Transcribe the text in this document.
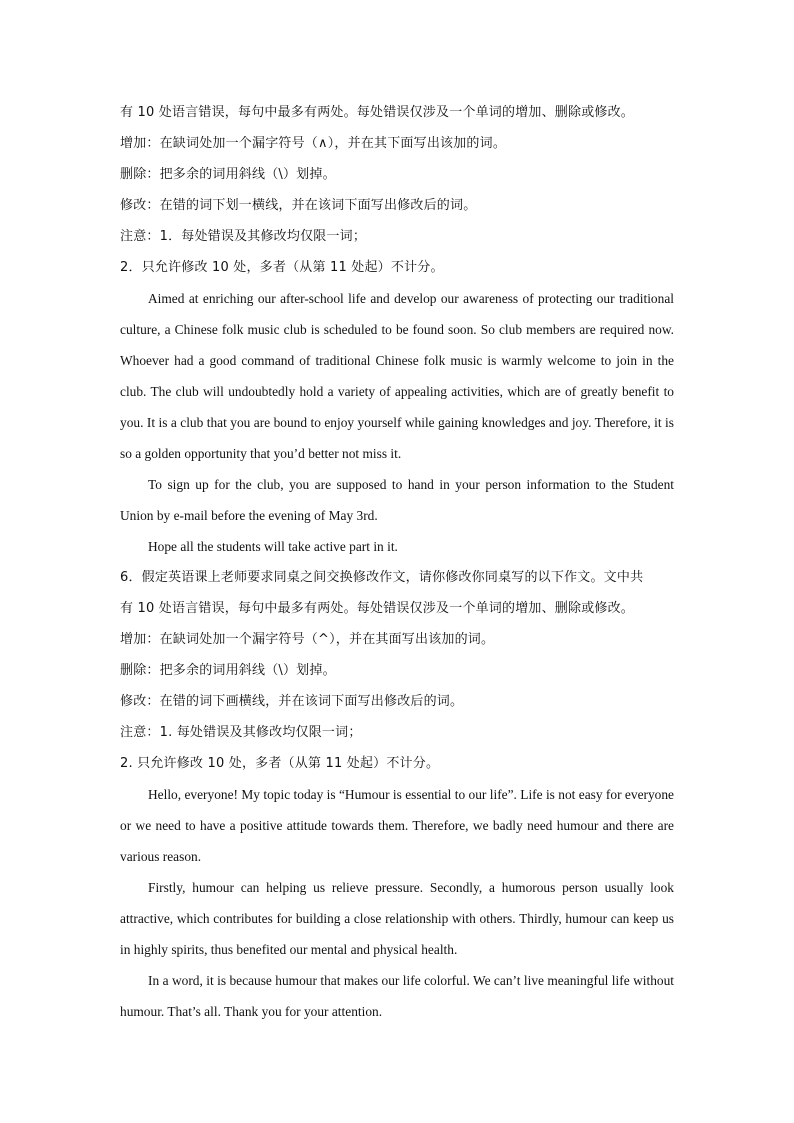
有 10 处语言错误，每句中最多有两处。每处错误仅涉及一个单词的增加、删除或修改。
增加：在缺词处加一个漏字符号（∧），并在其下面写出该加的词。
删除：把多余的词用斜线（\）划掉。
修改：在错的词下划一横线，并在该词下面写出修改后的词。
注意：1．每处错误及其修改均仅限一词；
2．只允许修改 10 处，多者（从第 11 处起）不计分。

Aimed at enriching our after-school life and develop our awareness of protecting our traditional culture, a Chinese folk music club is scheduled to be found soon. So club members are required now. Whoever had a good command of traditional Chinese folk music is warmly welcome to join in the club. The club will undoubtedly hold a variety of appealing activities, which are of greatly benefit to you. It is a club that you are bound to enjoy yourself while gaining knowledges and joy. Therefore, it is so a golden opportunity that you’d better not miss it.

To sign up for the club, you are supposed to hand in your person information to the Student Union by e-mail before the evening of May 3rd.

Hope all the students will take active part in it.

6．假定英语课上老师要求同桌之间交换修改作文，请你修改你同桌写的以下作文。文中共
有 10 处语言错误，每句中最多有两处。每处错误仅涉及一个单词的增加、删除或修改。
增加：在缺词处加一个漏字符号（^），并在其面写出该加的词。
删除：把多余的词用斜线（\）划掉。
修改：在错的词下画横线，并在该词下面写出修改后的词。
注意：1. 每处错误及其修改均仅限一词；
2. 只允许修改 10 处，多者（从第 11 处起）不计分。

Hello, everyone! My topic today is “Humour is essential to our life”. Life is not easy for everyone or we need to have a positive attitude towards them. Therefore, we badly need humour and there are various reason.

Firstly, humour can helping us relieve pressure. Secondly, a humorous person usually look attractive, which contributes for building a close relationship with others. Thirdly, humour can keep us in highly spirits, thus benefited our mental and physical health.

In a word, it is because humour that makes our life colorful. We can’t live meaningful life without humour. That’s all. Thank you for your attention.
